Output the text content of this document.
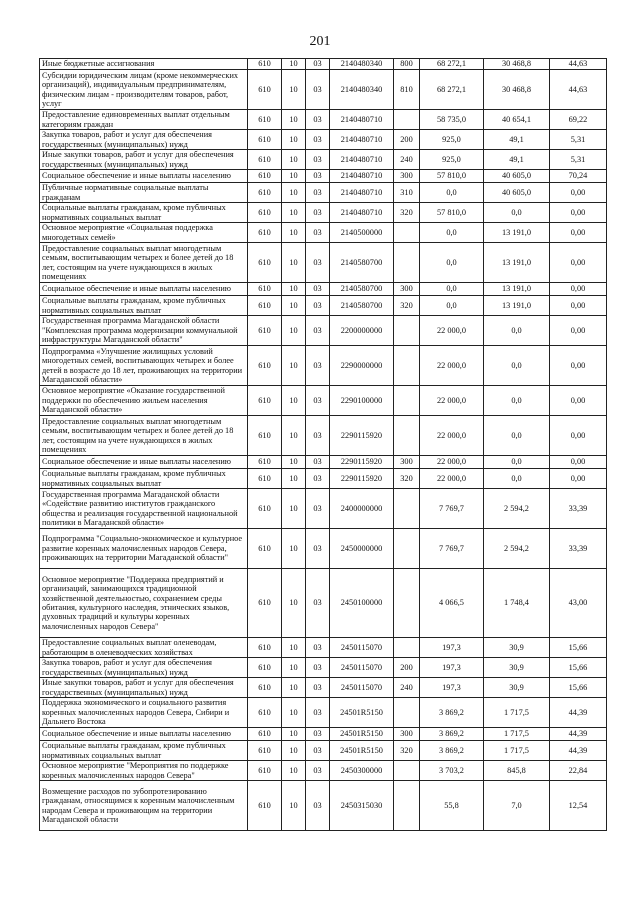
201
Иные бюджетные ассигнования	610	10	03	2140480340	800	68 272,1	30 468,8	44,63
Субсидии юридическим лицам (кроме некоммерческих организаций), индивидуальным предпринимателям, физическим лицам - производителям товаров, работ, услуг	610	10	03	2140480340	810	68 272,1	30 468,8	44,63
Предоставление единовременных выплат отдельным категориям граждан	610	10	03	2140480710		58 735,0	40 654,1	69,22
Закупка товаров, работ и услуг для обеспечения государственных (муниципальных) нужд	610	10	03	2140480710	200	925,0	49,1	5,31
Иные закупки товаров, работ и услуг для обеспечения государственных (муниципальных) нужд	610	10	03	2140480710	240	925,0	49,1	5,31
Социальное обеспечение и иные выплаты населению	610	10	03	2140480710	300	57 810,0	40 605,0	70,24
Публичные нормативные социальные выплаты гражданам	610	10	03	2140480710	310	0,0	40 605,0	0,00
Социальные выплаты гражданам, кроме публичных нормативных социальных выплат	610	10	03	2140480710	320	57 810,0	0,0	0,00
Основное мероприятие «Социальная поддержка многодетных семей»	610	10	03	2140500000		0,0	13 191,0	0,00
Предоставление социальных выплат многодетным семьям, воспитывающим четырех и более детей до 18 лет, состоящим на учете нуждающихся в жилых помещениях	610	10	03	2140580700		0,0	13 191,0	0,00
Социальное обеспечение и иные выплаты населению	610	10	03	2140580700	300	0,0	13 191,0	0,00
Социальные выплаты гражданам, кроме публичных нормативных социальных выплат	610	10	03	2140580700	320	0,0	13 191,0	0,00
Государственная программа Магаданской области "Комплексная программа модернизации коммунальной инфраструктуры Магаданской области"	610	10	03	2200000000		22 000,0	0,0	0,00
Подпрограмма «Улучшение жилищных условий многодетных семей, воспитывающих четырех и более детей в возрасте до 18 лет, проживающих на территории Магаданской области»	610	10	03	2290000000		22 000,0	0,0	0,00
Основное мероприятие «Оказание государственной поддержки по обеспечению жильем населения Магаданской области»	610	10	03	2290100000		22 000,0	0,0	0,00
Предоставление социальных выплат многодетным семьям, воспитывающим четырех и более детей до 18 лет, состоящим на учете нуждающихся в жилых помещениях	610	10	03	2290115920		22 000,0	0,0	0,00
Социальное обеспечение и иные выплаты населению	610	10	03	2290115920	300	22 000,0	0,0	0,00
Социальные выплаты гражданам, кроме публичных нормативных социальных выплат	610	10	03	2290115920	320	22 000,0	0,0	0,00
Государственная программа Магаданской области «Содействие развитию институтов гражданского общества и реализация государственной национальной политики в Магаданской области»	610	10	03	2400000000		7 769,7	2 594,2	33,39
Подпрограмма "Социально-экономическое и культурное развитие коренных малочисленных народов Севера, проживающих на территории Магаданской области"	610	10	03	2450000000		7 769,7	2 594,2	33,39
Основное мероприятие "Поддержка предприятий и организаций, занимающихся традиционной хозяйственной деятельностью, сохранением среды обитания, культурного наследия, этнических языков, духовных традиций и культуры коренных малочисленных народов Севера"	610	10	03	2450100000		4 066,5	1 748,4	43,00
Предоставление социальных выплат оленеводам, работающим в оленеводческих хозяйствах	610	10	03	2450115070		197,3	30,9	15,66
Закупка товаров, работ и услуг для обеспечения государственных (муниципальных) нужд	610	10	03	2450115070	200	197,3	30,9	15,66
Иные закупки товаров, работ и услуг для обеспечения государственных (муниципальных) нужд	610	10	03	2450115070	240	197,3	30,9	15,66
Поддержка экономического и социального развития коренных малочисленных народов Севера, Сибири и Дальнего Востока	610	10	03	24501R5150		3 869,2	1 717,5	44,39
Социальное обеспечение и иные выплаты населению	610	10	03	24501R5150	300	3 869,2	1 717,5	44,39
Социальные выплаты гражданам, кроме публичных нормативных социальных выплат	610	10	03	24501R5150	320	3 869,2	1 717,5	44,39
Основное мероприятие "Мероприятия по поддержке коренных малочисленных народов Севера"	610	10	03	2450300000		3 703,2	845,8	22,84
Возмещение расходов по зубопротезированию гражданам, относящимся к коренным малочисленным народам Севера и проживающим на территории Магаданской области	610	10	03	2450315030		55,8	7,0	12,54
